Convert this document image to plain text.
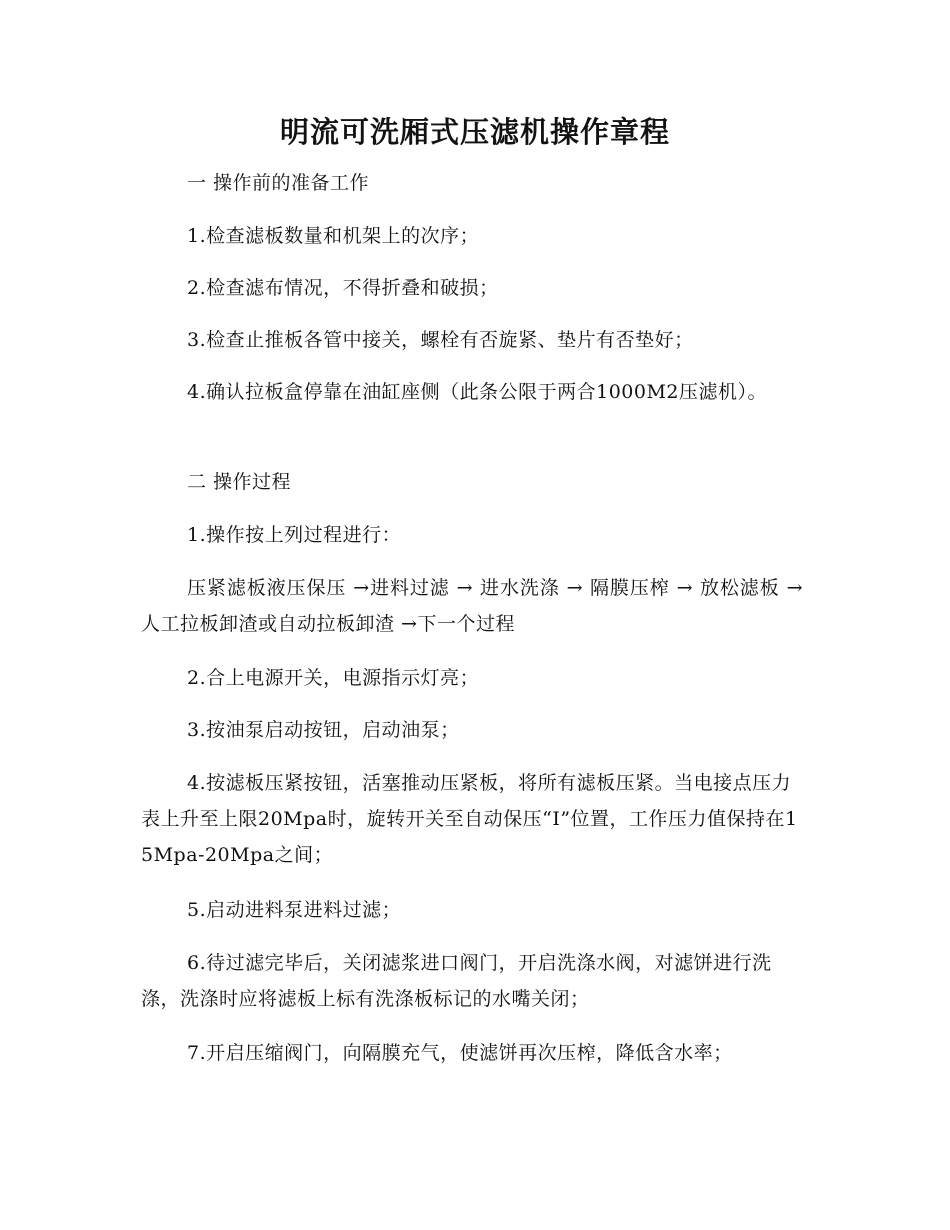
明流可洗厢式压滤机操作章程

一 操作前的准备工作

1.检查滤板数量和机架上的次序；

2.检查滤布情况，不得折叠和破损；

3.检查止推板各管中接关，螺栓有否旋紧、垫片有否垫好；

4.确认拉板盒停靠在油缸座侧（此条公限于两合1000M2压滤机）。

二 操作过程

1.操作按上列过程进行：

压紧滤板液压保压 →进料过滤 → 进水洗涤 → 隔膜压榨 → 放松滤板 →人工拉板卸渣或自动拉板卸渣 →下一个过程

2.合上电源开关，电源指示灯亮；

3.按油泵启动按钮，启动油泵；

4.按滤板压紧按钮，活塞推动压紧板，将所有滤板压紧。当电接点压力表上升至上限20Mpa时，旋转开关至自动保压“I”位置，工作压力值保持在15Mpa-20Mpa之间；

5.启动进料泵进料过滤；

6.待过滤完毕后，关闭滤浆进口阀门，开启洗涤水阀，对滤饼进行洗涤，洗涤时应将滤板上标有洗涤板标记的水嘴关闭；

7.开启压缩阀门，向隔膜充气，使滤饼再次压榨，降低含水率；
